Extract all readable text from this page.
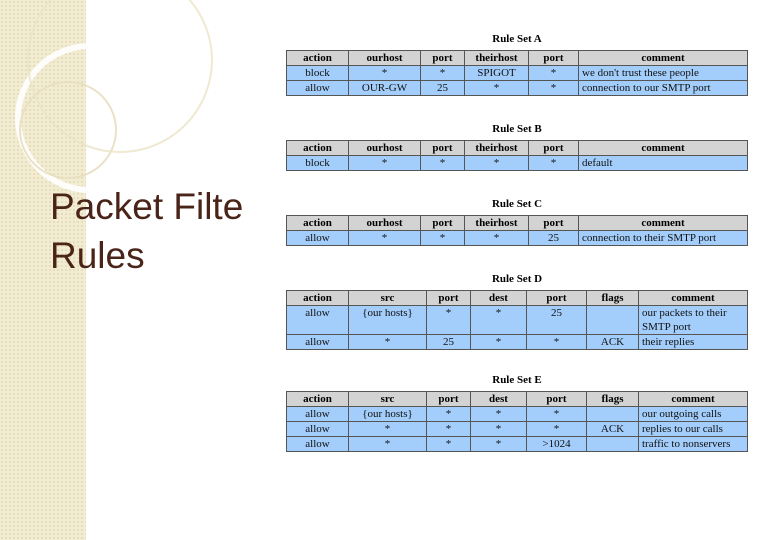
Packet Filte
Rules
Rule Set A
action	ourhost	port	theirhost	port	comment
block	*	*	SPIGOT	*	we don't trust these people
allow	OUR-GW	25	*	*	connection to our SMTP port
Rule Set B
action	ourhost	port	theirhost	port	comment
block	*	*	*	*	default
Rule Set C
action	ourhost	port	theirhost	port	comment
allow	*	*	*	25	connection to their SMTP port
Rule Set D
action	src	port	dest	port	flags	comment
allow	{our hosts}	*	*	25		our packets to their SMTP port
allow	*	25	*	*	ACK	their replies
Rule Set E
action	src	port	dest	port	flags	comment
allow	{our hosts}	*	*	*		our outgoing calls
allow	*	*	*	*	ACK	replies to our calls
allow	*	*	*	>1024		traffic to nonservers
